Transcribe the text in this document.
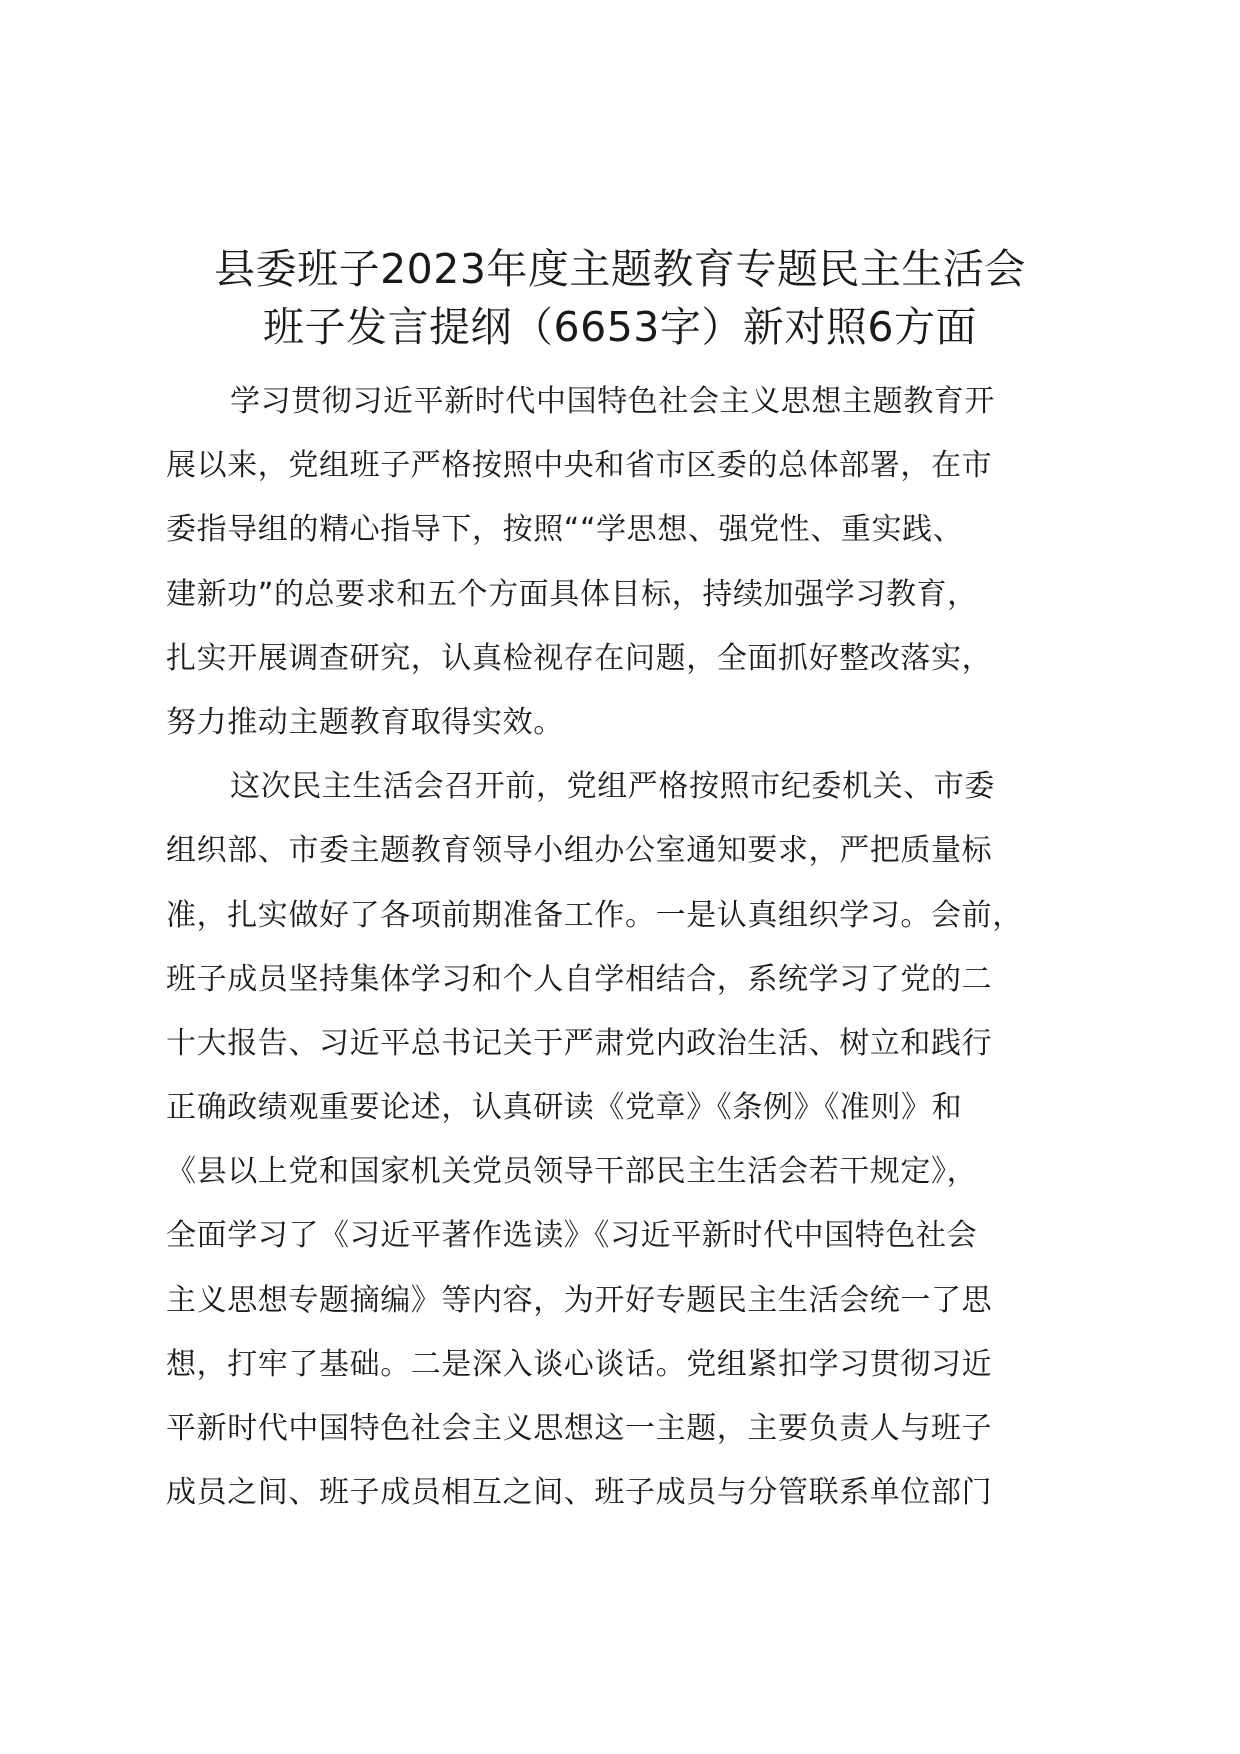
县委班子2023年度主题教育专题民主生活会
班子发言提纲（6653字）新对照6方面
学习贯彻习近平新时代中国特色社会主义思想主题教育开
展以来，党组班子严格按照中央和省市区委的总体部署，在市
委指导组的精心指导下，按照““学思想、强党性、重实践、
建新功”的总要求和五个方面具体目标，持续加强学习教育，
扎实开展调查研究，认真检视存在问题，全面抓好整改落实，
努力推动主题教育取得实效。
这次民主生活会召开前，党组严格按照市纪委机关、市委
组织部、市委主题教育领导小组办公室通知要求，严把质量标
准，扎实做好了各项前期准备工作。一是认真组织学习。会前，
班子成员坚持集体学习和个人自学相结合，系统学习了党的二
十大报告、习近平总书记关于严肃党内政治生活、树立和践行
正确政绩观重要论述，认真研读《党章》《条例》《准则》和
《县以上党和国家机关党员领导干部民主生活会若干规定》，
全面学习了《习近平著作选读》《习近平新时代中国特色社会
主义思想专题摘编》等内容，为开好专题民主生活会统一了思
想，打牢了基础。二是深入谈心谈话。党组紧扣学习贯彻习近
平新时代中国特色社会主义思想这一主题，主要负责人与班子
成员之间、班子成员相互之间、班子成员与分管联系单位部门
